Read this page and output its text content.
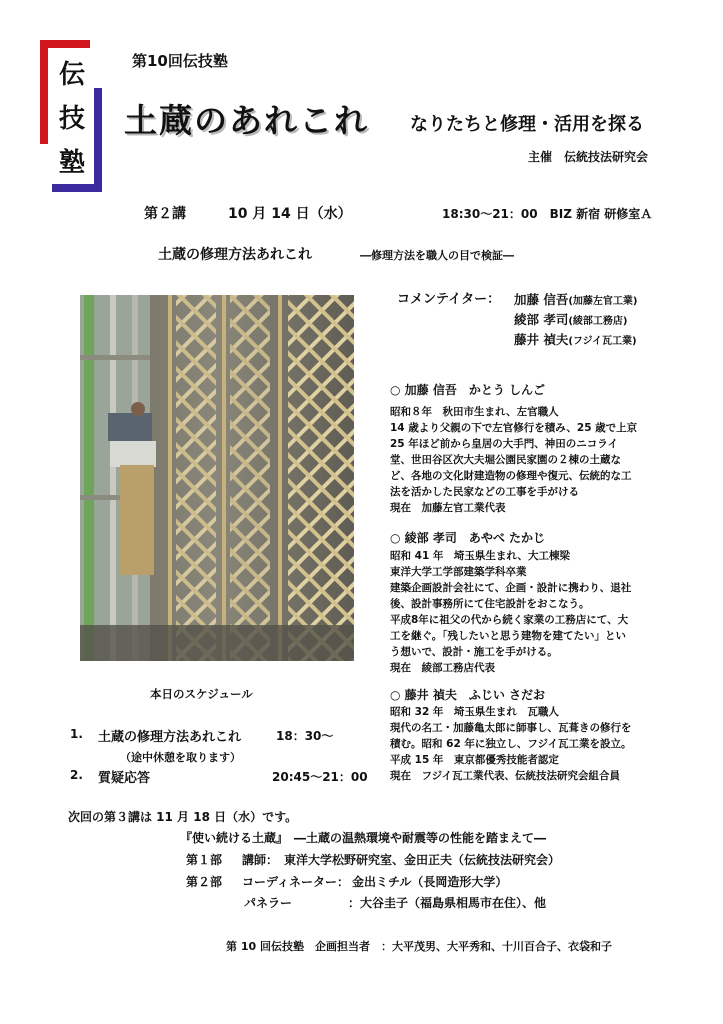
伝
技
塾
第10回伝技塾
土蔵のあれこれ なりたちと修理・活用を探る
主催　伝統技法研究会
第２講	10 月 14 日（水）	18:30～21：00　BIZ 新宿 研修室Ａ
土蔵の修理方法あれこれ	―修理方法を職人の目で検証―
コメンテイター： 加藤 信吾(加藤左官工業)
綾部 孝司(綾部工務店)
藤井 禎夫(フジイ瓦工業)
本日のスケジュール
1. 土蔵の修理方法あれこれ	18：30～
（途中休憩を取ります）
2. 質疑応答	20:45～21：00
○ 加藤 信吾　かとう しんご
昭和８年　秋田市生まれ、左官職人
14 歳より父親の下で左官修行を積み、25 歳で上京
25 年ほど前から皇居の大手門、神田のニコライ
堂、世田谷区次大夫堀公園民家園の２棟の土蔵な
ど、各地の文化財建造物の修理や復元、伝統的な工
法を活かした民家などの工事を手がける
現在　加藤左官工業代表
○ 綾部 孝司　あやべ たかじ
昭和 41 年　埼玉県生まれ、大工棟梁
東洋大学工学部建築学科卒業
建築企画設計会社にて、企画・設計に携わり、退社
後、設計事務所にて住宅設計をおこなう。
平成8年に祖父の代から続く家業の工務店にて、大
工を継ぐ。「残したいと思う建物を建てたい」とい
う想いで、設計・施工を手がける。
現在　綾部工務店代表
○ 藤井 禎夫　ふじい さだお
昭和 32 年　埼玉県生まれ　瓦職人
現代の名工・加藤亀太郎に師事し、瓦葺きの修行を
積む。昭和 62 年に独立し、フジイ瓦工業を設立。
平成 15 年　東京都優秀技能者認定
現在　フジイ瓦工業代表、伝統技法研究会組合員
次回の第３講は 11 月 18 日（水）です。
『使い続ける土蔵』　―土蔵の温熱環境や耐震等の性能を踏まえて―
第１部 講師： 東洋大学松野研究室、金田正夫（伝統技法研究会）
第２部 コーディネーター： 金出ミチル（長岡造形大学）
パネラー	：大谷圭子（福島県相馬市在住）、他
第 10 回伝技塾　企画担当者　：大平茂男、大平秀和、十川百合子、衣袋和子
